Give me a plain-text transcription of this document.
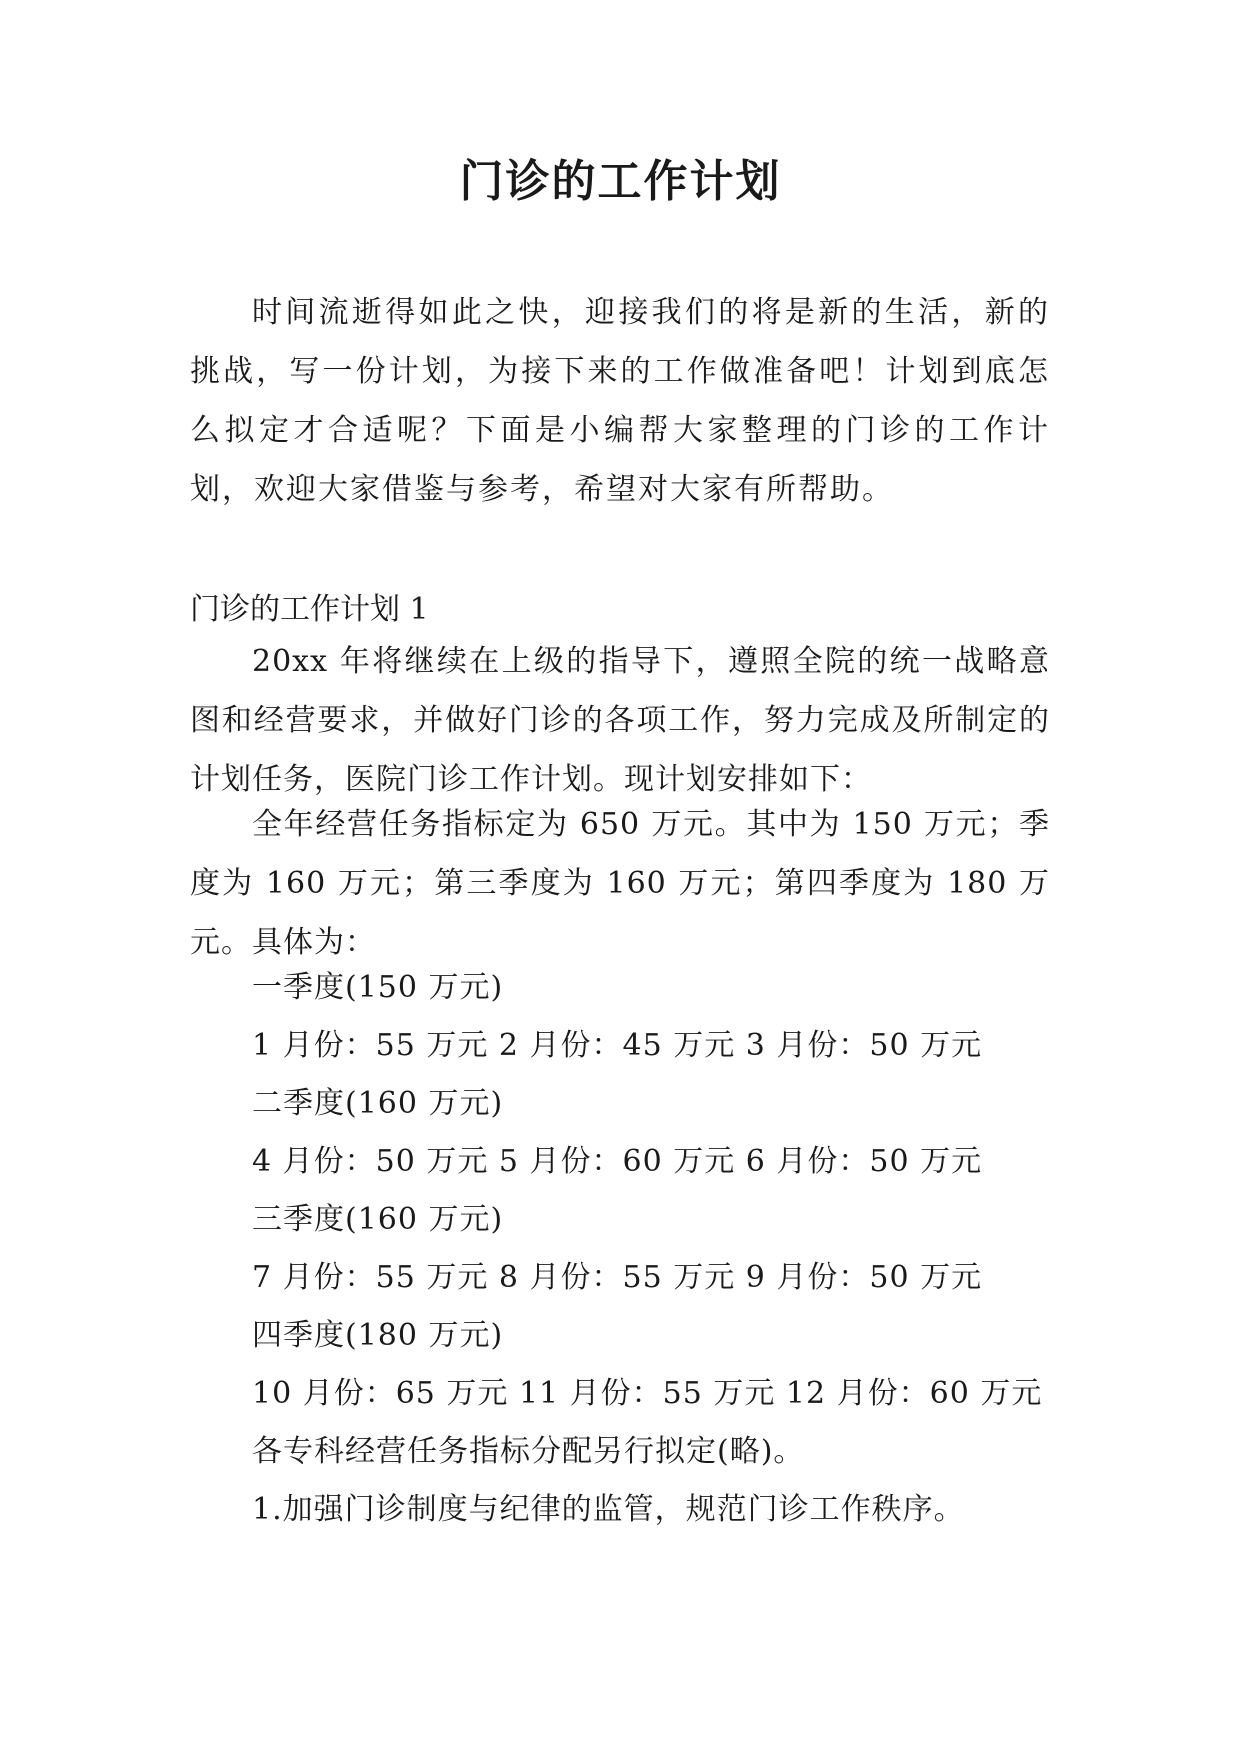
门诊的工作计划
时间流逝得如此之快，迎接我们的将是新的生活，新的挑战，写一份计划，为接下来的工作做准备吧！计划到底怎么拟定才合适呢？下面是小编帮大家整理的门诊的工作计划，欢迎大家借鉴与参考，希望对大家有所帮助。
门诊的工作计划 1
20xx 年将继续在上级的指导下，遵照全院的统一战略意图和经营要求，并做好门诊的各项工作，努力完成及所制定的计划任务，医院门诊工作计划。现计划安排如下：
全年经营任务指标定为 650 万元。其中为 150 万元；季度为 160 万元；第三季度为 160 万元；第四季度为 180 万元。具体为：
一季度(150 万元)
1 月份：55 万元 2 月份：45 万元 3 月份：50 万元
二季度(160 万元)
4 月份：50 万元 5 月份：60 万元 6 月份：50 万元
三季度(160 万元)
7 月份：55 万元 8 月份：55 万元 9 月份：50 万元
四季度(180 万元)
10 月份：65 万元 11 月份：55 万元 12 月份：60 万元
各专科经营任务指标分配另行拟定(略)。
1.加强门诊制度与纪律的监管，规范门诊工作秩序。
